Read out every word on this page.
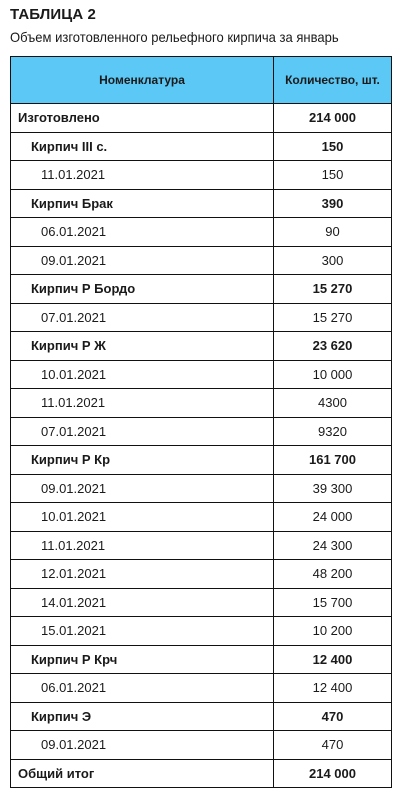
ТАБЛИЦА 2
Объем изготовленного рельефного кирпича за январь
Номенклатура	Количество, шт.
Изготовлено	214 000
Кирпич III с.	150
11.01.2021	150
Кирпич Брак	390
06.01.2021	90
09.01.2021	300
Кирпич Р Бордо	15 270
07.01.2021	15 270
Кирпич Р Ж	23 620
10.01.2021	10 000
11.01.2021	4300
07.01.2021	9320
Кирпич Р Кр	161 700
09.01.2021	39 300
10.01.2021	24 000
11.01.2021	24 300
12.01.2021	48 200
14.01.2021	15 700
15.01.2021	10 200
Кирпич Р Крч	12 400
06.01.2021	12 400
Кирпич Э	470
09.01.2021	470
Общий итог	214 000
